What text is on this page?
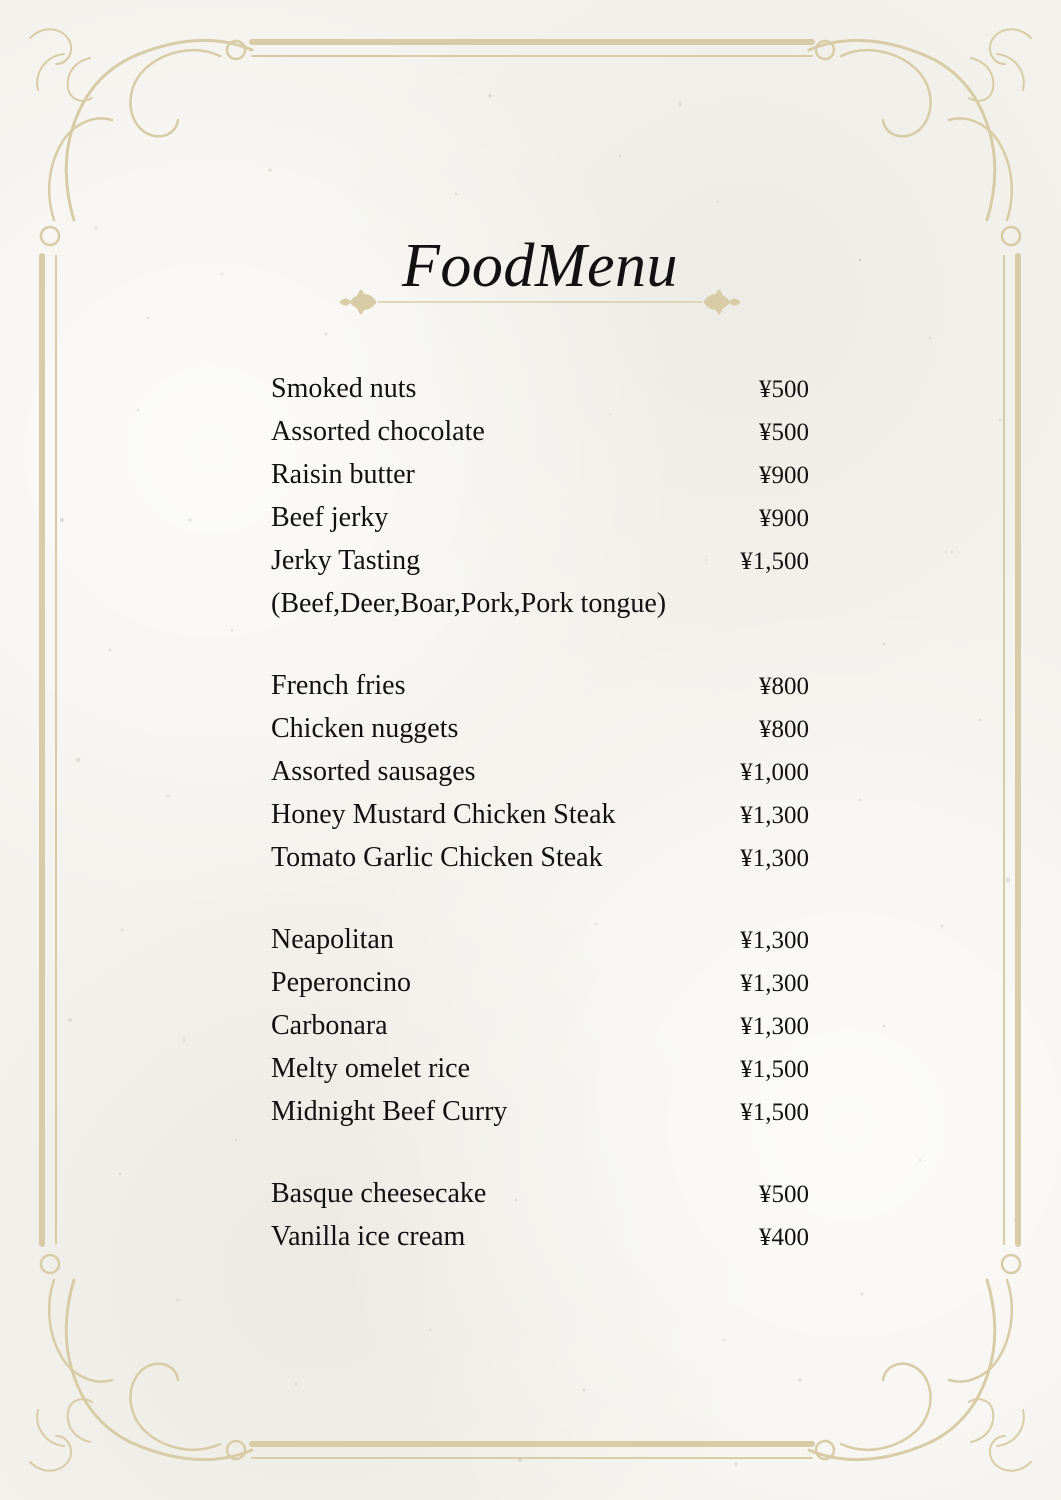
FoodMenu
Smoked nuts	¥500
Assorted chocolate	¥500
Raisin butter	¥900
Beef jerky	¥900
Jerky Tasting	¥1,500
(Beef,Deer,Boar,Pork,Pork tongue)
French fries	¥800
Chicken nuggets	¥800
Assorted sausages	¥1,000
Honey Mustard Chicken Steak	¥1,300
Tomato Garlic Chicken Steak	¥1,300
Neapolitan	¥1,300
Peperoncino	¥1,300
Carbonara	¥1,300
Melty omelet rice	¥1,500
Midnight Beef Curry	¥1,500
Basque cheesecake	¥500
Vanilla ice cream	¥400
